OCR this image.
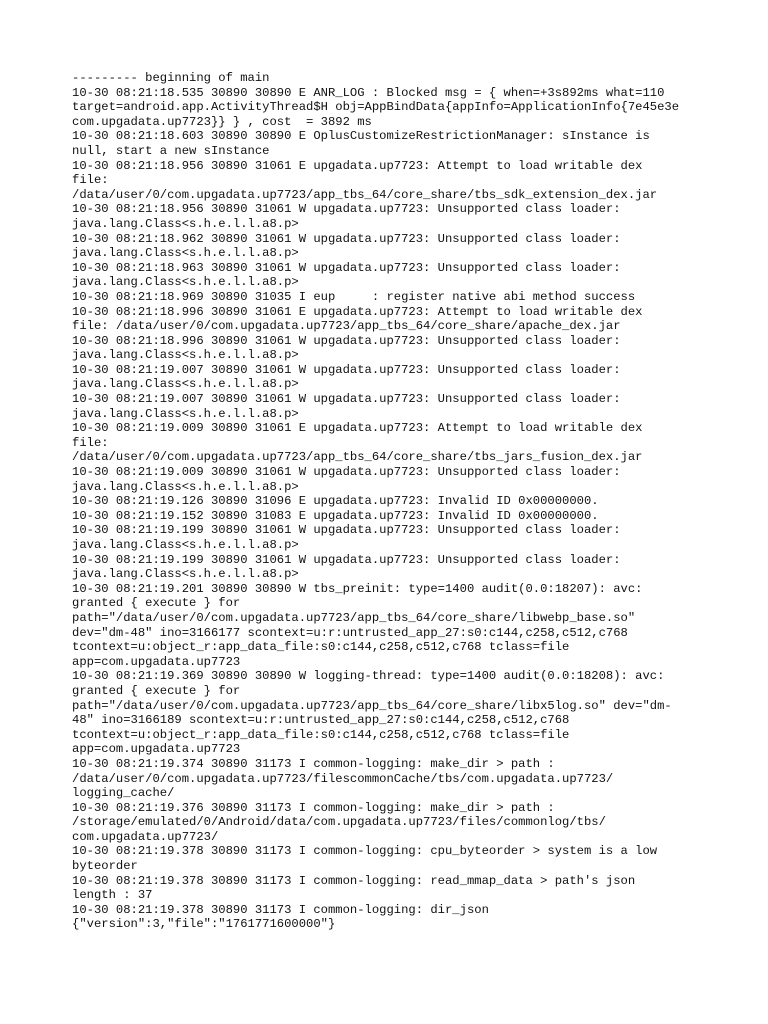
--------- beginning of main
10-30 08:21:18.535 30890 30890 E ANR_LOG : Blocked msg = { when=+3s892ms what=110
target=android.app.ActivityThread$H obj=AppBindData{appInfo=ApplicationInfo{7e45e3e
com.upgadata.up7723}} } , cost  = 3892 ms
10-30 08:21:18.603 30890 30890 E OplusCustomizeRestrictionManager: sInstance is
null, start a new sInstance
10-30 08:21:18.956 30890 31061 E upgadata.up7723: Attempt to load writable dex
file:
/data/user/0/com.upgadata.up7723/app_tbs_64/core_share/tbs_sdk_extension_dex.jar
10-30 08:21:18.956 30890 31061 W upgadata.up7723: Unsupported class loader:
java.lang.Class<s.h.e.l.l.a8.p>
10-30 08:21:18.962 30890 31061 W upgadata.up7723: Unsupported class loader:
java.lang.Class<s.h.e.l.l.a8.p>
10-30 08:21:18.963 30890 31061 W upgadata.up7723: Unsupported class loader:
java.lang.Class<s.h.e.l.l.a8.p>
10-30 08:21:18.969 30890 31035 I eup     : register native abi method success
10-30 08:21:18.996 30890 31061 E upgadata.up7723: Attempt to load writable dex
file: /data/user/0/com.upgadata.up7723/app_tbs_64/core_share/apache_dex.jar
10-30 08:21:18.996 30890 31061 W upgadata.up7723: Unsupported class loader:
java.lang.Class<s.h.e.l.l.a8.p>
10-30 08:21:19.007 30890 31061 W upgadata.up7723: Unsupported class loader:
java.lang.Class<s.h.e.l.l.a8.p>
10-30 08:21:19.007 30890 31061 W upgadata.up7723: Unsupported class loader:
java.lang.Class<s.h.e.l.l.a8.p>
10-30 08:21:19.009 30890 31061 E upgadata.up7723: Attempt to load writable dex
file:
/data/user/0/com.upgadata.up7723/app_tbs_64/core_share/tbs_jars_fusion_dex.jar
10-30 08:21:19.009 30890 31061 W upgadata.up7723: Unsupported class loader:
java.lang.Class<s.h.e.l.l.a8.p>
10-30 08:21:19.126 30890 31096 E upgadata.up7723: Invalid ID 0x00000000.
10-30 08:21:19.152 30890 31083 E upgadata.up7723: Invalid ID 0x00000000.
10-30 08:21:19.199 30890 31061 W upgadata.up7723: Unsupported class loader:
java.lang.Class<s.h.e.l.l.a8.p>
10-30 08:21:19.199 30890 31061 W upgadata.up7723: Unsupported class loader:
java.lang.Class<s.h.e.l.l.a8.p>
10-30 08:21:19.201 30890 30890 W tbs_preinit: type=1400 audit(0.0:18207): avc:
granted { execute } for
path="/data/user/0/com.upgadata.up7723/app_tbs_64/core_share/libwebp_base.so"
dev="dm-48" ino=3166177 scontext=u:r:untrusted_app_27:s0:c144,c258,c512,c768
tcontext=u:object_r:app_data_file:s0:c144,c258,c512,c768 tclass=file
app=com.upgadata.up7723
10-30 08:21:19.369 30890 30890 W logging-thread: type=1400 audit(0.0:18208): avc:
granted { execute } for
path="/data/user/0/com.upgadata.up7723/app_tbs_64/core_share/libx5log.so" dev="dm-
48" ino=3166189 scontext=u:r:untrusted_app_27:s0:c144,c258,c512,c768
tcontext=u:object_r:app_data_file:s0:c144,c258,c512,c768 tclass=file
app=com.upgadata.up7723
10-30 08:21:19.374 30890 31173 I common-logging: make_dir > path :
/data/user/0/com.upgadata.up7723/filescommonCache/tbs/com.upgadata.up7723/
logging_cache/
10-30 08:21:19.376 30890 31173 I common-logging: make_dir > path :
/storage/emulated/0/Android/data/com.upgadata.up7723/files/commonlog/tbs/
com.upgadata.up7723/
10-30 08:21:19.378 30890 31173 I common-logging: cpu_byteorder > system is a low
byteorder
10-30 08:21:19.378 30890 31173 I common-logging: read_mmap_data > path's json
length : 37
10-30 08:21:19.378 30890 31173 I common-logging: dir_json
{"version":3,"file":"1761771600000"}
